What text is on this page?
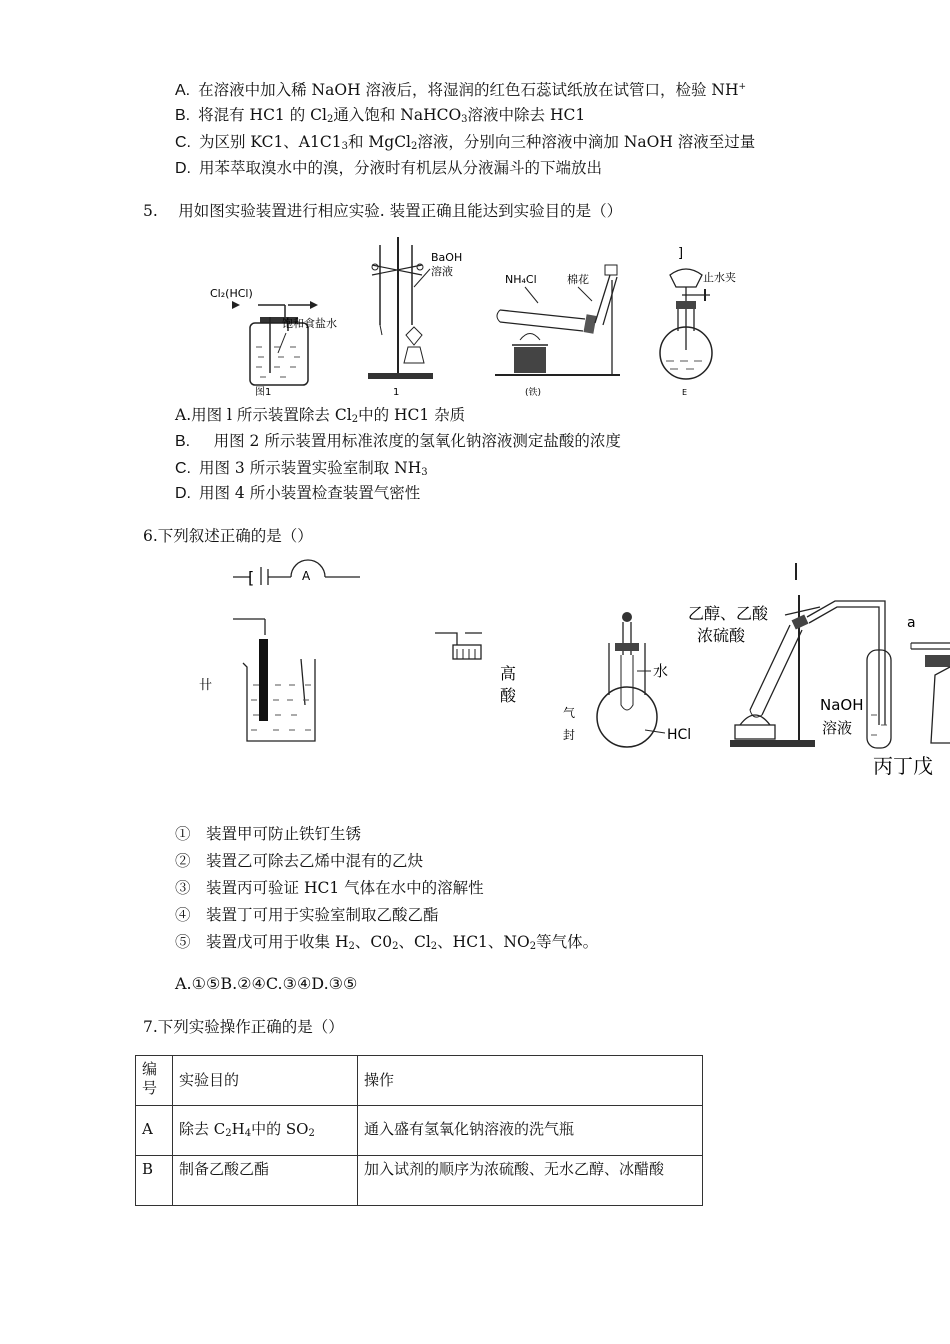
A. 在溶液中加入稀 NaOH 溶液后，将湿润的红色石蕊试纸放在试管口，检验 NH+
B. 将混有 HC1 的 $Cl_2$通入饱和 NaHCO$_3$溶液中除去 HC1
C. 为区别 KC1、$A1C1_3$和 MgCl$_2$溶液，分别向三种溶液中滴加 NaOH 溶液至过量
D. 用苯萃取溴水中的溴，分液时有机层从分液漏斗的下端放出
5.　 用如图实验装置进行相应实验. 装置正确且能达到实验目的是（）
Cl₂(HCl)
饱和食盐水
图1
BaOH
溶液
1
NH₄Cl	棉花
(铁)
]
止水夹
E
A.用图 l 所示装置除去 $Cl_2$中的 HC1 杂质
B.　用图 2 所示装置用标准浓度的氢氧化钠溶液测定盐酸的浓度
C. 用图 3 所示装置实验室制取 $NH_3$
D. 用图 4 所小装置检查装置气密性
6.下列叙述正确的是（）
[	A
卄
高
酸
气
封
水
HCl
乙醇、乙酸
浓硫酸
NaOH
溶液
a
丙丁戊
①　 装置甲可防止铁钉生锈
②　 装置乙可除去乙烯中混有的乙炔
③　 装置丙可验证 HC1 气体在水中的溶解性
④　 装置丁可用于实验室制取乙酸乙酯
⑤　 装置戊可用于收集 $H_2$、$C0_2$、$Cl_2$、HC1、$NO_2$等气体。
A.①⑤B.②④C.③④D.③⑤
7.下列实验操作正确的是（）
编号	实验目的	操作
A	除去 $C_2H_4$中的 $SO_2$	通入盛有氢氧化钠溶液的洗气瓶
B	制备乙酸乙酯	加入试剂的顺序为浓硫酸、无水乙醇、冰醋酸
